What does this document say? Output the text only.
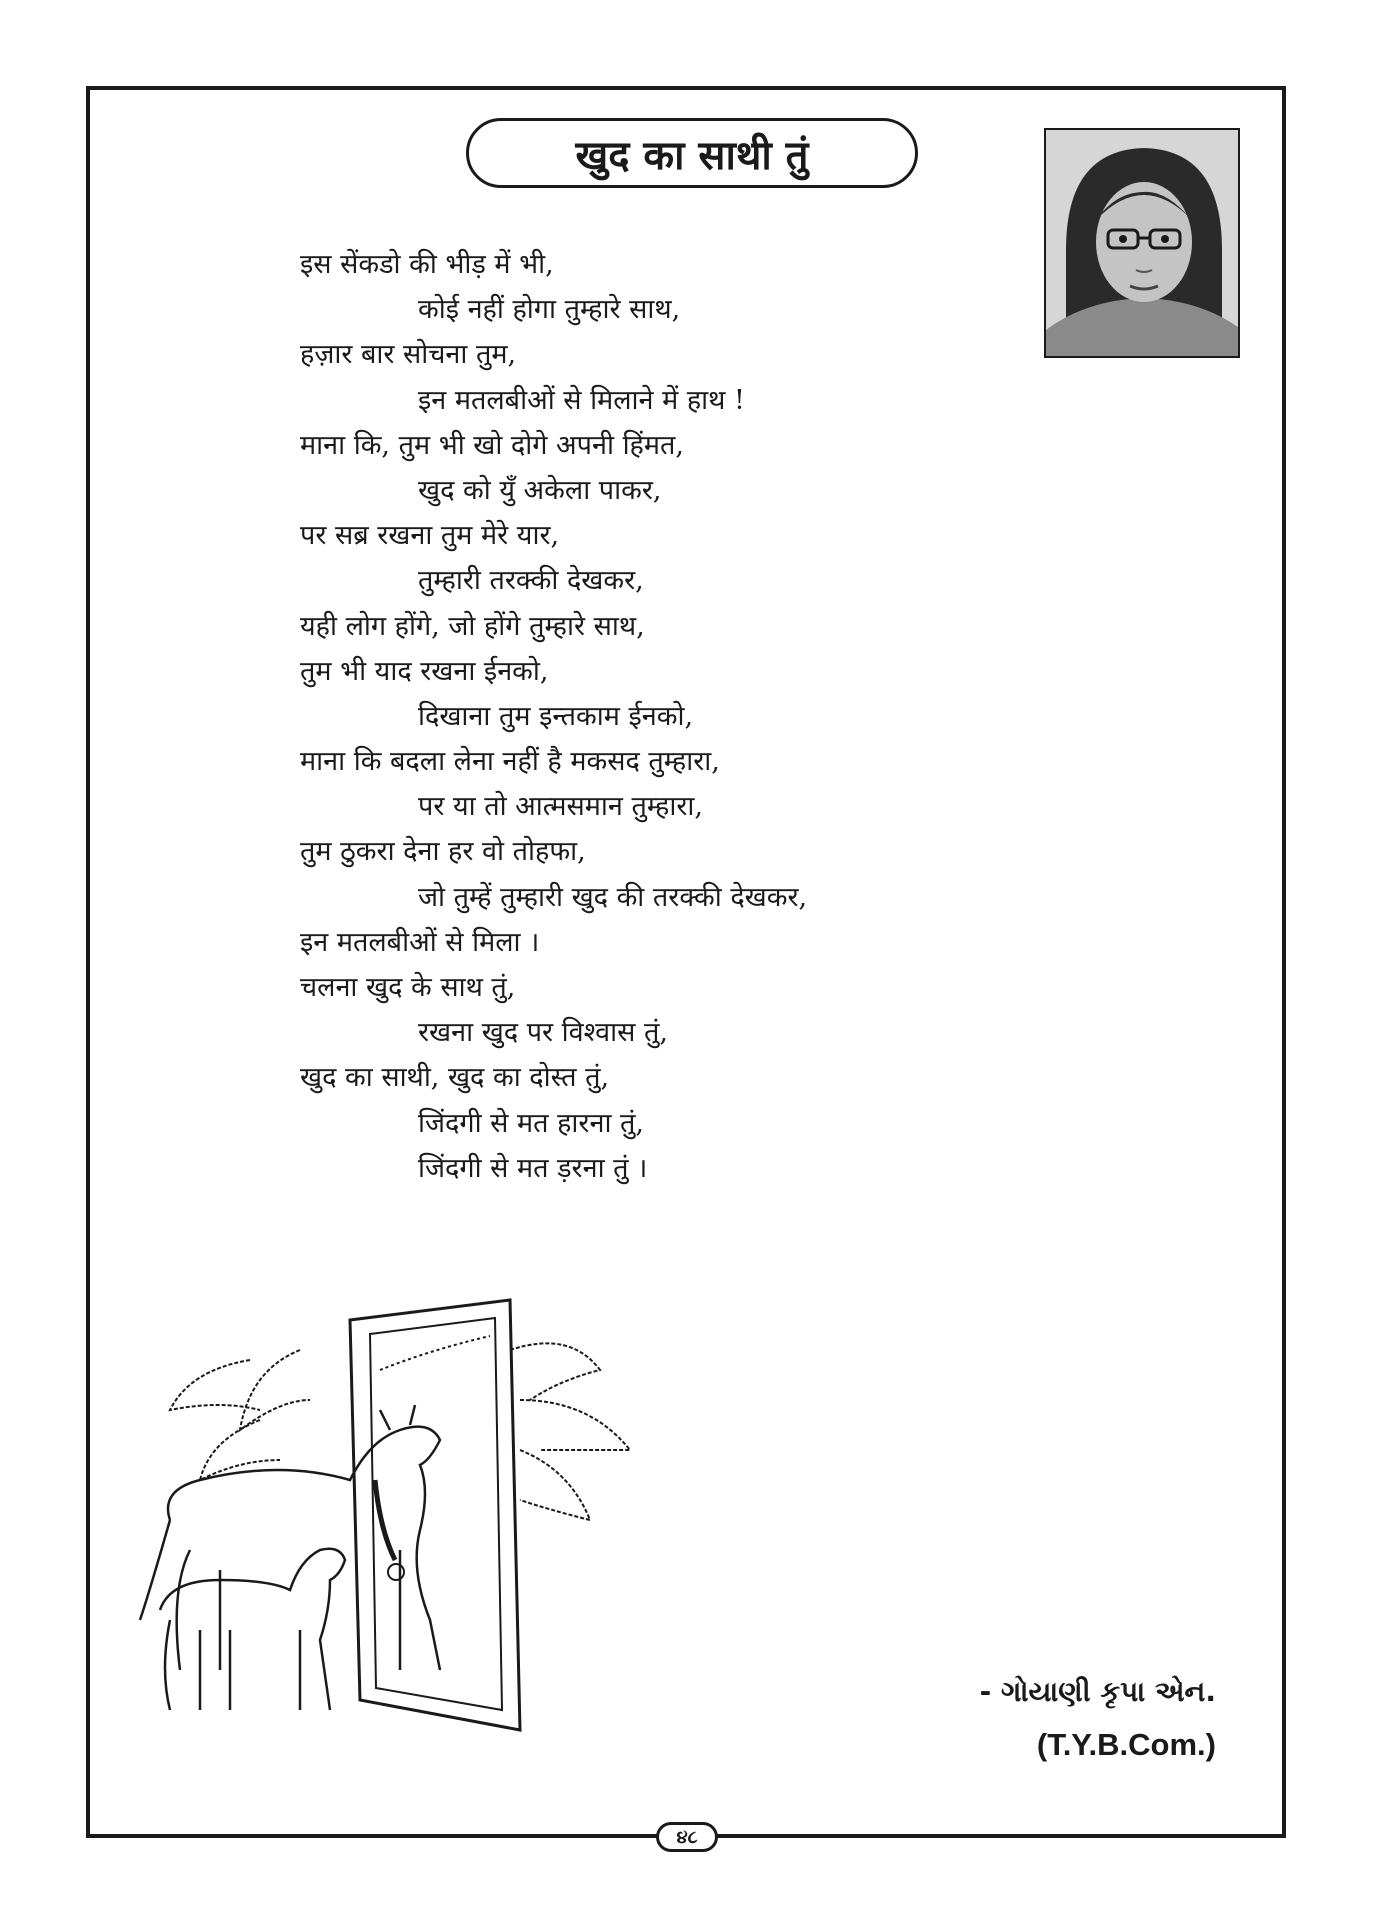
खुद का साथी तुं
इस सेंकडो की भीड़ में भी,
कोई नहीं होगा तुम्हारे साथ,
हज़ार बार सोचना तुम,
इन मतलबीओं से मिलाने में हाथ !
माना कि, तुम भी खो दोगे अपनी हिंमत,
खुद को युँ अकेला पाकर,
पर सब्र रखना तुम मेरे यार,
तुम्हारी तरक्की देखकर,
यही लोग होंगे, जो होंगे तुम्हारे साथ,
तुम भी याद रखना ईनको,
दिखाना तुम इन्तकाम ईनको,
माना कि बदला लेना नहीं है मकसद तुम्हारा,
पर या तो आत्मसमान तुम्हारा,
तुम ठुकरा देना हर वो तोहफा,
जो तुम्हें तुम्हारी खुद की तरक्की देखकर,
इन मतलबीओं से मिला ।
चलना खुद के साथ तुं,
रखना खुद पर विश्वास तुं,
खुद का साथी, खुद का दोस्त तुं,
जिंदगी से मत हारना तुं,
जिंदगी से मत ड़रना तुं ।
- ગોયાણી કૃપા એન.
(T.Y.B.Com.)
૪૮
